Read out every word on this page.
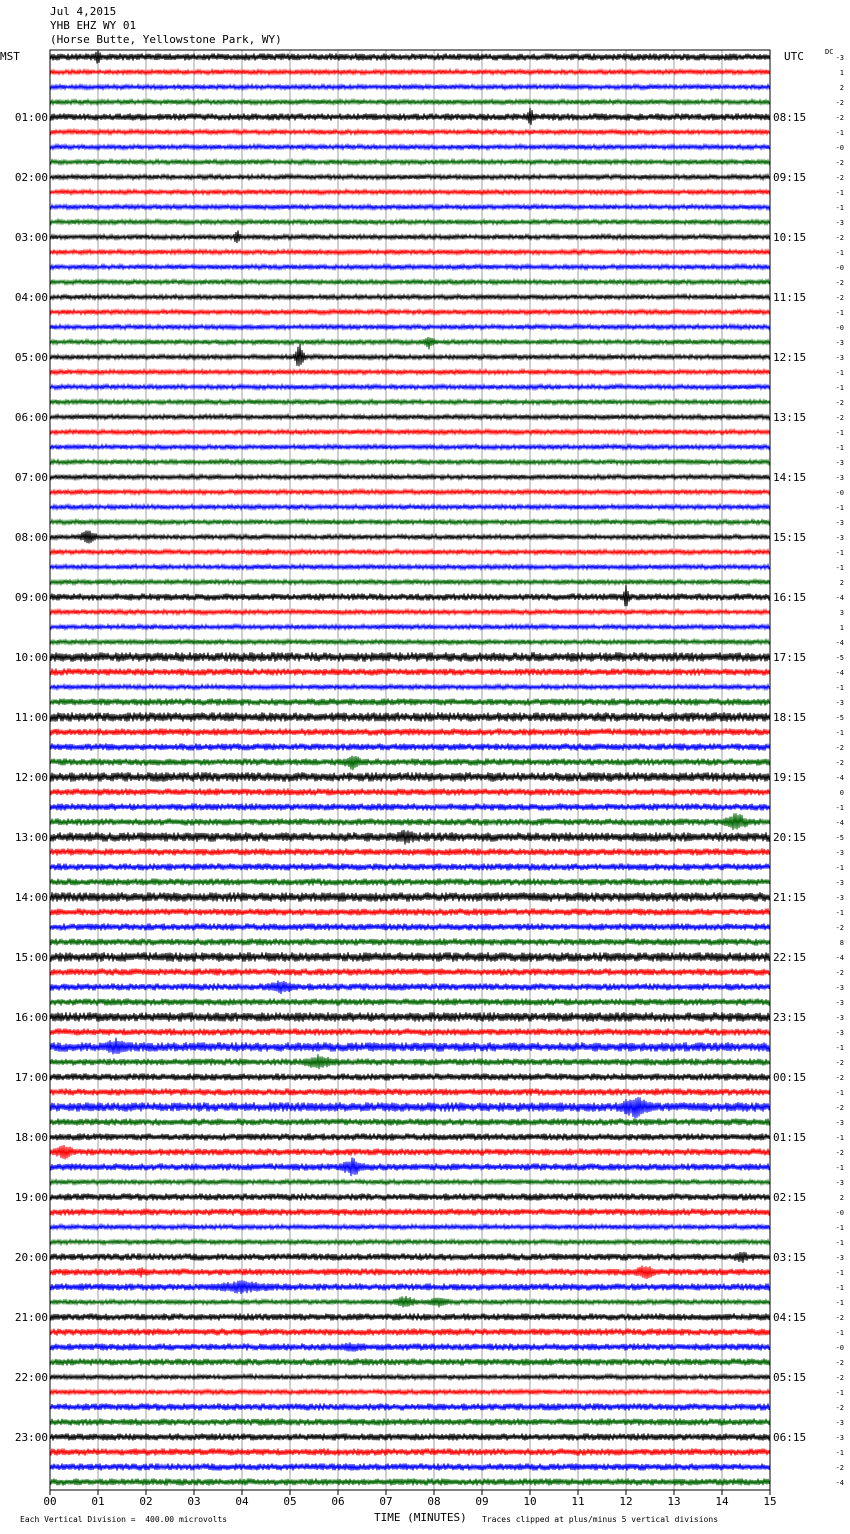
Jul 4,2015
YHB EHZ WY 01
(Horse Butte, Yellowstone Park, WY)
MST	UTC	DC
01:00
02:00
03:00
04:00
05:00
06:00
07:00
08:00
09:00
10:00
11:00
12:00
13:00
14:00
15:00
16:00
17:00
18:00
19:00
20:00
21:00
22:00
23:00
08:15
09:15
10:15
11:15
12:15
13:15
14:15
15:15
16:15
17:15
18:15
19:15
20:15
21:15
22:15
23:15
00:15
01:15
02:15
03:15
04:15
05:15
06:15
-3
1
2
-2
-2
-1
-0
-2
-2
-1
-1
-3
-2
-1
-0
-2
-2
-1
-0
-3
-3
-1
-1
-2
-2
-1
-1
-3
-3
-0
-1
-3
-3
-1
-1
2
-4
3
1
-4
-5
-4
-1
-3
-5
-1
-2
-2
-4
0
-1
-4
-5
-3
-1
-3
-3
-1
-2
8
-4
-2
-3
-3
-3
-3
-1
-2
-2
-1
-2
-3
-1
-2
-1
-3
2
-0
-1
-1
-3
-1
-1
-1
-2
-1
-0
-2
-2
-1
-2
-3
-3
-1
-2
-4
00	01	02	03	04	05	06	07	08	09	10	11	12	13	14	15
Each Vertical Division =  400.00 microvolts	TIME (MINUTES) Traces clipped at plus/minus 5 vertical divisions
